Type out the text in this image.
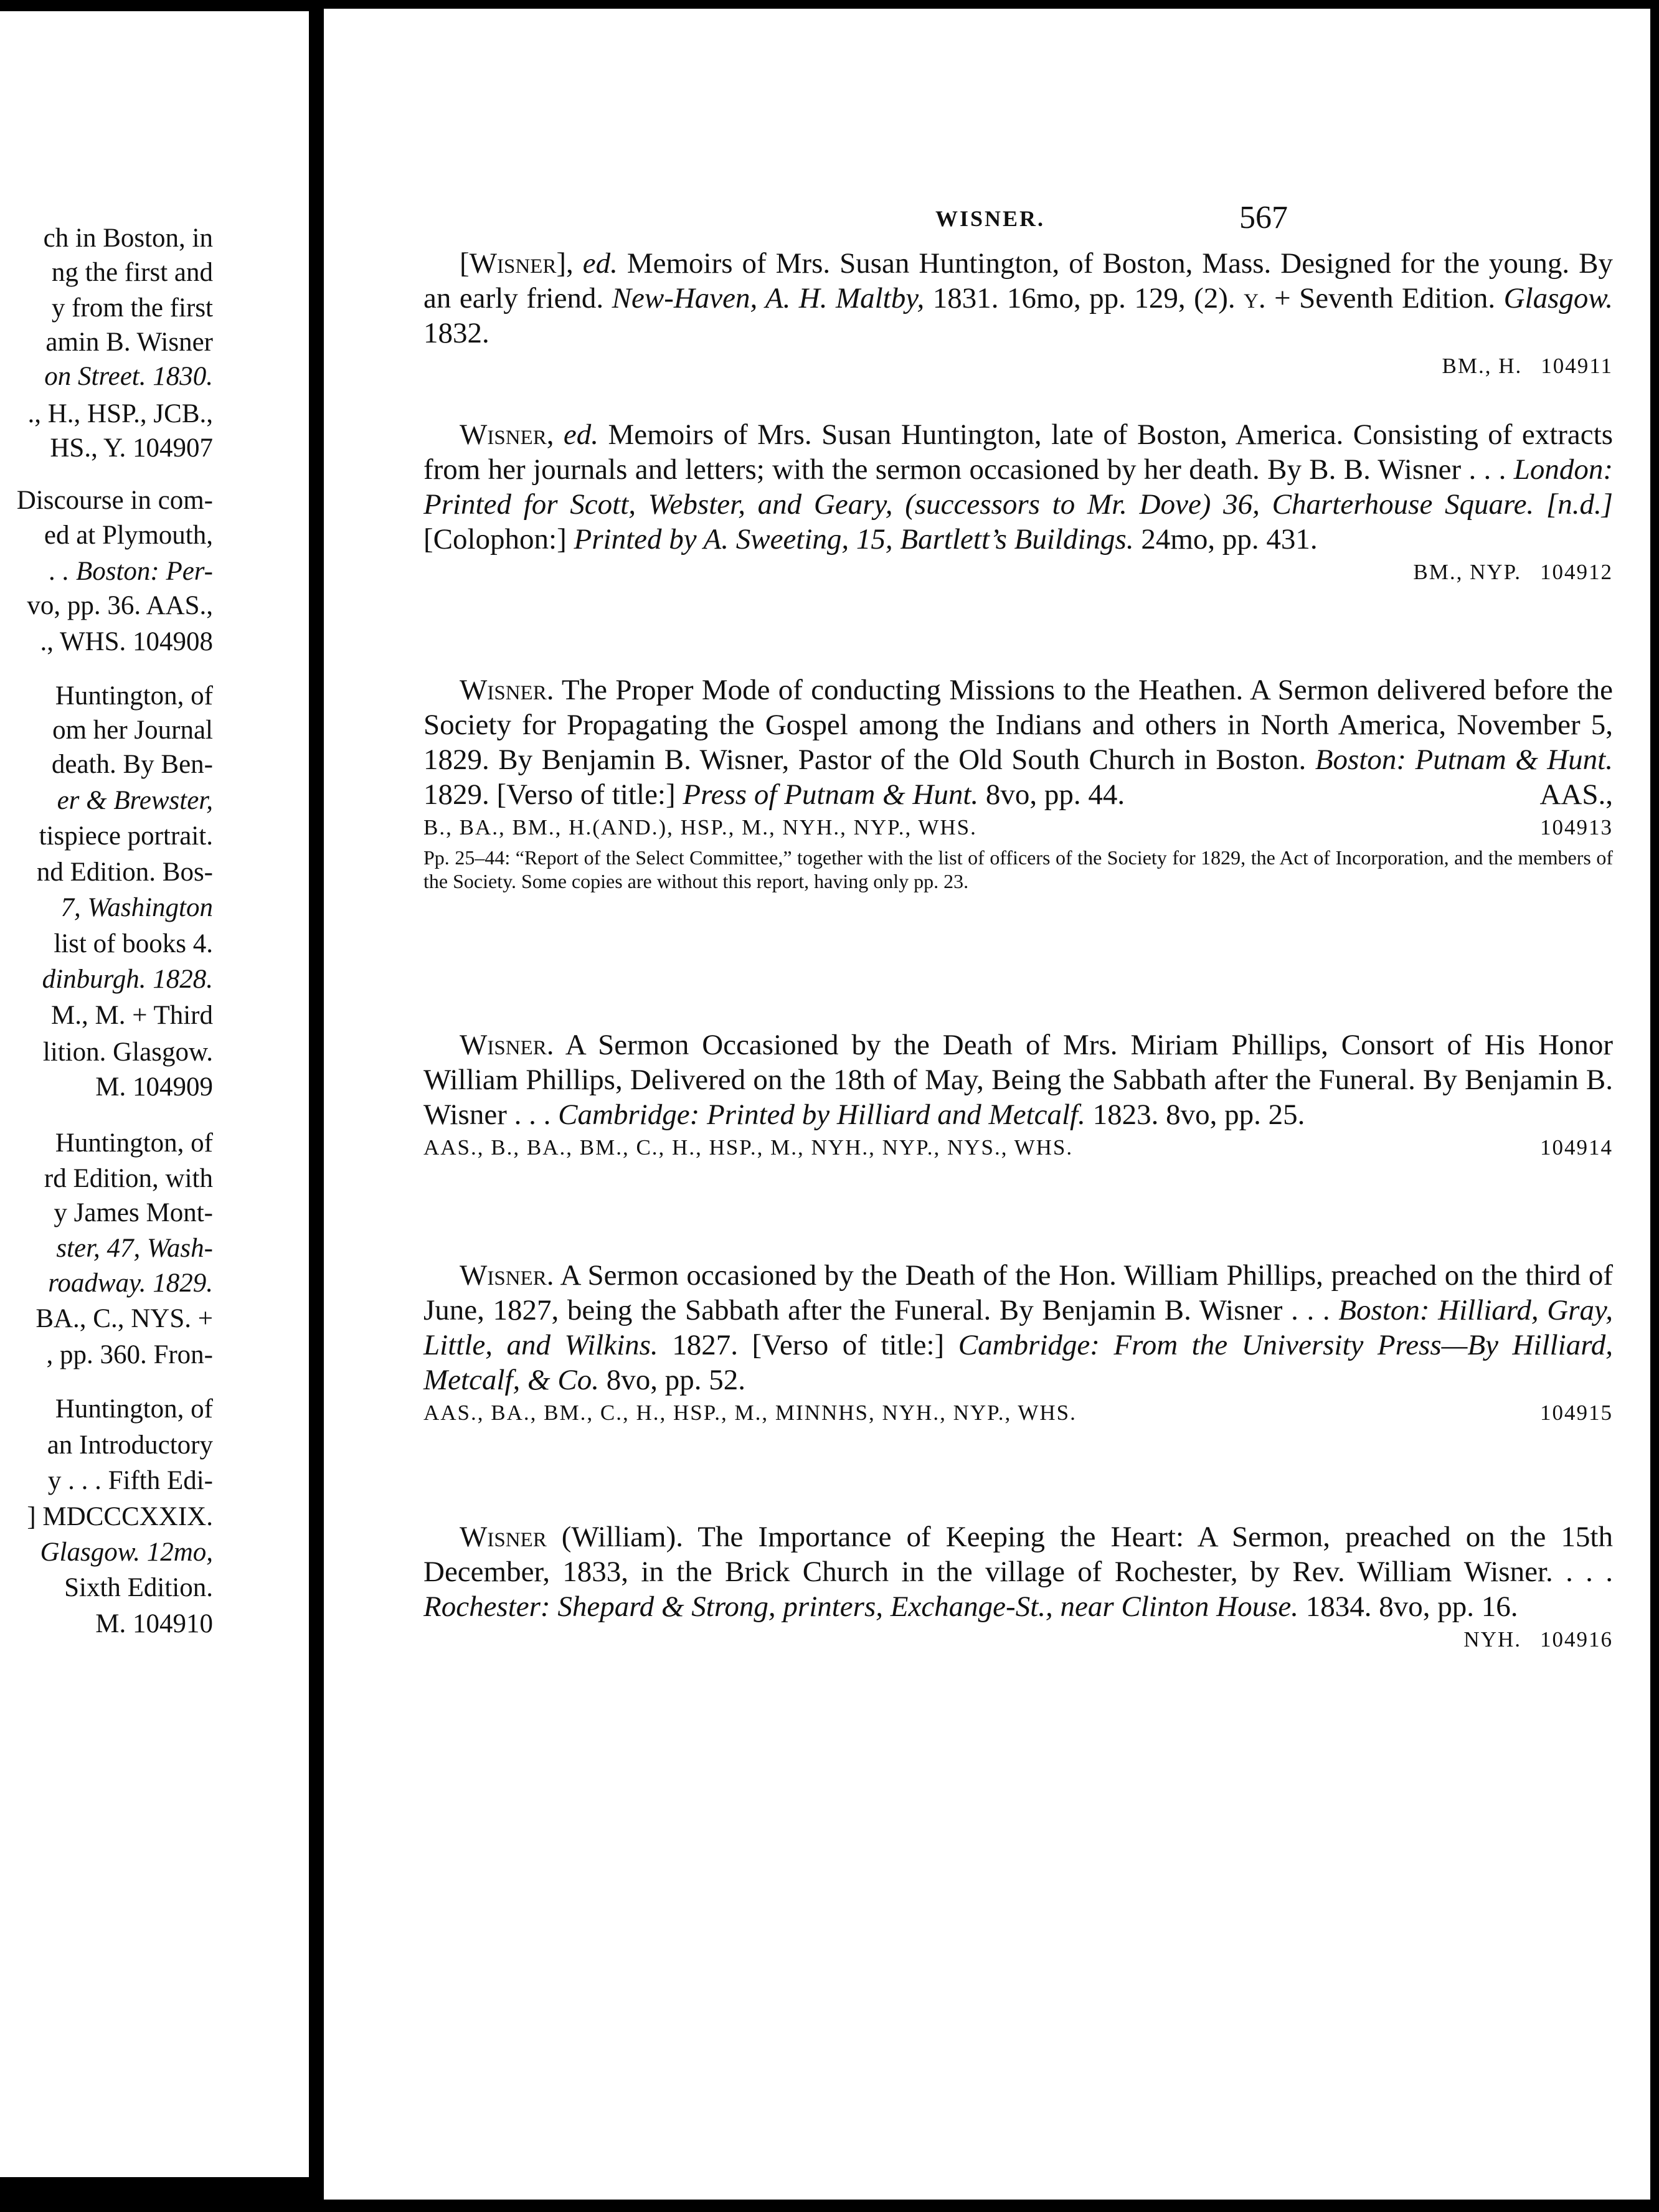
ch in Boston, in
ng the first and
y from the first
amin B. Wisner
on Street. 1830.
., H., HSP., JCB.,
HS., Y. 104907
Discourse in com-
ed at Plymouth,
. . Boston: Per-
vo, pp. 36. AAS.,
., WHS. 104908
Huntington, of
om her Journal
death. By Ben-
er & Brewster,
tispiece portrait.
nd Edition. Bos-
7, Washington
list of books 4.
dinburgh. 1828.
M., M. + Third
lition. Glasgow.
M. 104909
Huntington, of
rd Edition, with
y James Mont-
ster, 47, Wash-
roadway. 1829.
BA., C., NYS. +
, pp. 360. Fron-
Huntington, of
an Introductory
y . . . Fifth Edi-
] MDCCCXXIX.
Glasgow. 12mo,
Sixth Edition.
M. 104910
WISNER.	567

[Wisner], ed. Memoirs of Mrs. Susan Huntington, of Boston, Mass. Designed for the young. By an early friend. New-Haven, A. H. Maltby, 1831. 16mo, pp. 129, (2). y. + Seventh Edition. Glasgow. 1832.

BM., H. 104911

Wisner, ed. Memoirs of Mrs. Susan Huntington, late of Boston, America. Consisting of extracts from her journals and letters; with the sermon occasioned by her death. By B. B. Wisner . . . London: Printed for Scott, Webster, and Geary, (successors to Mr. Dove) 36, Charterhouse Square. [n.d.] [Colophon:] Printed by A. Sweeting, 15, Bartlett’s Buildings. 24mo, pp. 431.

BM., NYP. 104912

Wisner. The Proper Mode of conducting Missions to the Heathen. A Sermon delivered before the Society for Propagating the Gospel among the Indians and others in North America, November 5, 1829. By Benjamin B. Wisner, Pastor of the Old South Church in Boston. Boston: Putnam & Hunt. 1829. [Verso of title:] Press of Putnam & Hunt. 8vo, pp. 44.	AAS.,

B., BA., BM., H.(AND.), HSP., M., NYH., NYP., WHS.	104913
Pp. 25–44: “Report of the Select Committee,” together with the list of officers of the Society for 1829, the Act of Incorporation, and the members of the Society. Some copies are without this report, having only pp. 23.

Wisner. A Sermon Occasioned by the Death of Mrs. Miriam Phillips, Consort of His Honor William Phillips, Delivered on the 18th of May, Being the Sabbath after the Funeral. By Benjamin B. Wisner . . . Cambridge: Printed by Hilliard and Metcalf. 1823. 8vo, pp. 25.

AAS., B., BA., BM., C., H., HSP., M., NYH., NYP., NYS., WHS.	104914

Wisner. A Sermon occasioned by the Death of the Hon. William Phillips, preached on the third of June, 1827, being the Sabbath after the Funeral. By Benjamin B. Wisner . . . Boston: Hilliard, Gray, Little, and Wilkins. 1827. [Verso of title:] Cambridge: From the University Press—By Hilliard, Metcalf, & Co. 8vo, pp. 52.

AAS., BA., BM., C., H., HSP., M., MINNHS, NYH., NYP., WHS.	104915

Wisner (William). The Importance of Keeping the Heart: A Sermon, preached on the 15th December, 1833, in the Brick Church in the village of Rochester, by Rev. William Wisner. . . . Rochester: Shepard & Strong, printers, Exchange-St., near Clinton House. 1834. 8vo, pp. 16.

NYH. 104916
